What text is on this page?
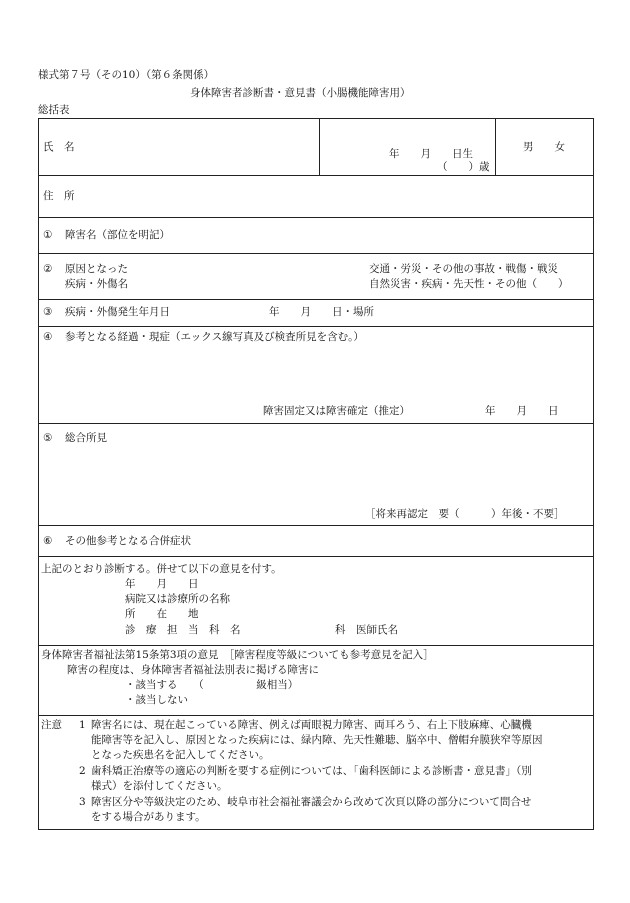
様式第７号（その10）（第６条関係）
身体障害者診断書・意見書（小腸機能障害用）
総括表
氏　名
年　　月　　日生
（　　）歳
男　　女
住　所
① 障害名（部位を明記）
② 原因となった
疾病・外傷名
交通・労災・その他の事故・戦傷・戦災
自然災害・疾病・先天性・その他（　　）
③ 疾病・外傷発生年月日	年　　月　　日・場所
④ 参考となる経過・現症（エックス線写真及び検査所見を含む。）
障害固定又は障害確定（推定）	年　　月　　日
⑤ 総合所見
［将来再認定　要（　　　）年後・不要］
⑥ その他参考となる合併症状
上記のとおり診断する。併せて以下の意見を付す。
年　　月　　日
病院又は診療所の名称
所　　在　　地
診　療　担　当　科　名	科　医師氏名
身体障害者福祉法第15条第3項の意見　［障害程度等級についても参考意見を記入］
障害の程度は、身体障害者福祉法別表に掲げる障害に
・該当する　　（　　　　　級相当）
・該当しない
注意 1 障害名には、現在起こっている障害、例えば両眼視力障害、両耳ろう、右上下肢麻痺、心臓機
能障害等を記入し、原因となった疾病には、緑内障、先天性難聴、脳卒中、僧帽弁膜狭窄等原因
となった疾患名を記入してください。
2 歯科矯正治療等の適応の判断を要する症例については、「歯科医師による診断書・意見書」（別
様式）を添付してください。
3 障害区分や等級決定のため、岐阜市社会福祉審議会から改めて次頁以降の部分について問合せ
をする場合があります。
